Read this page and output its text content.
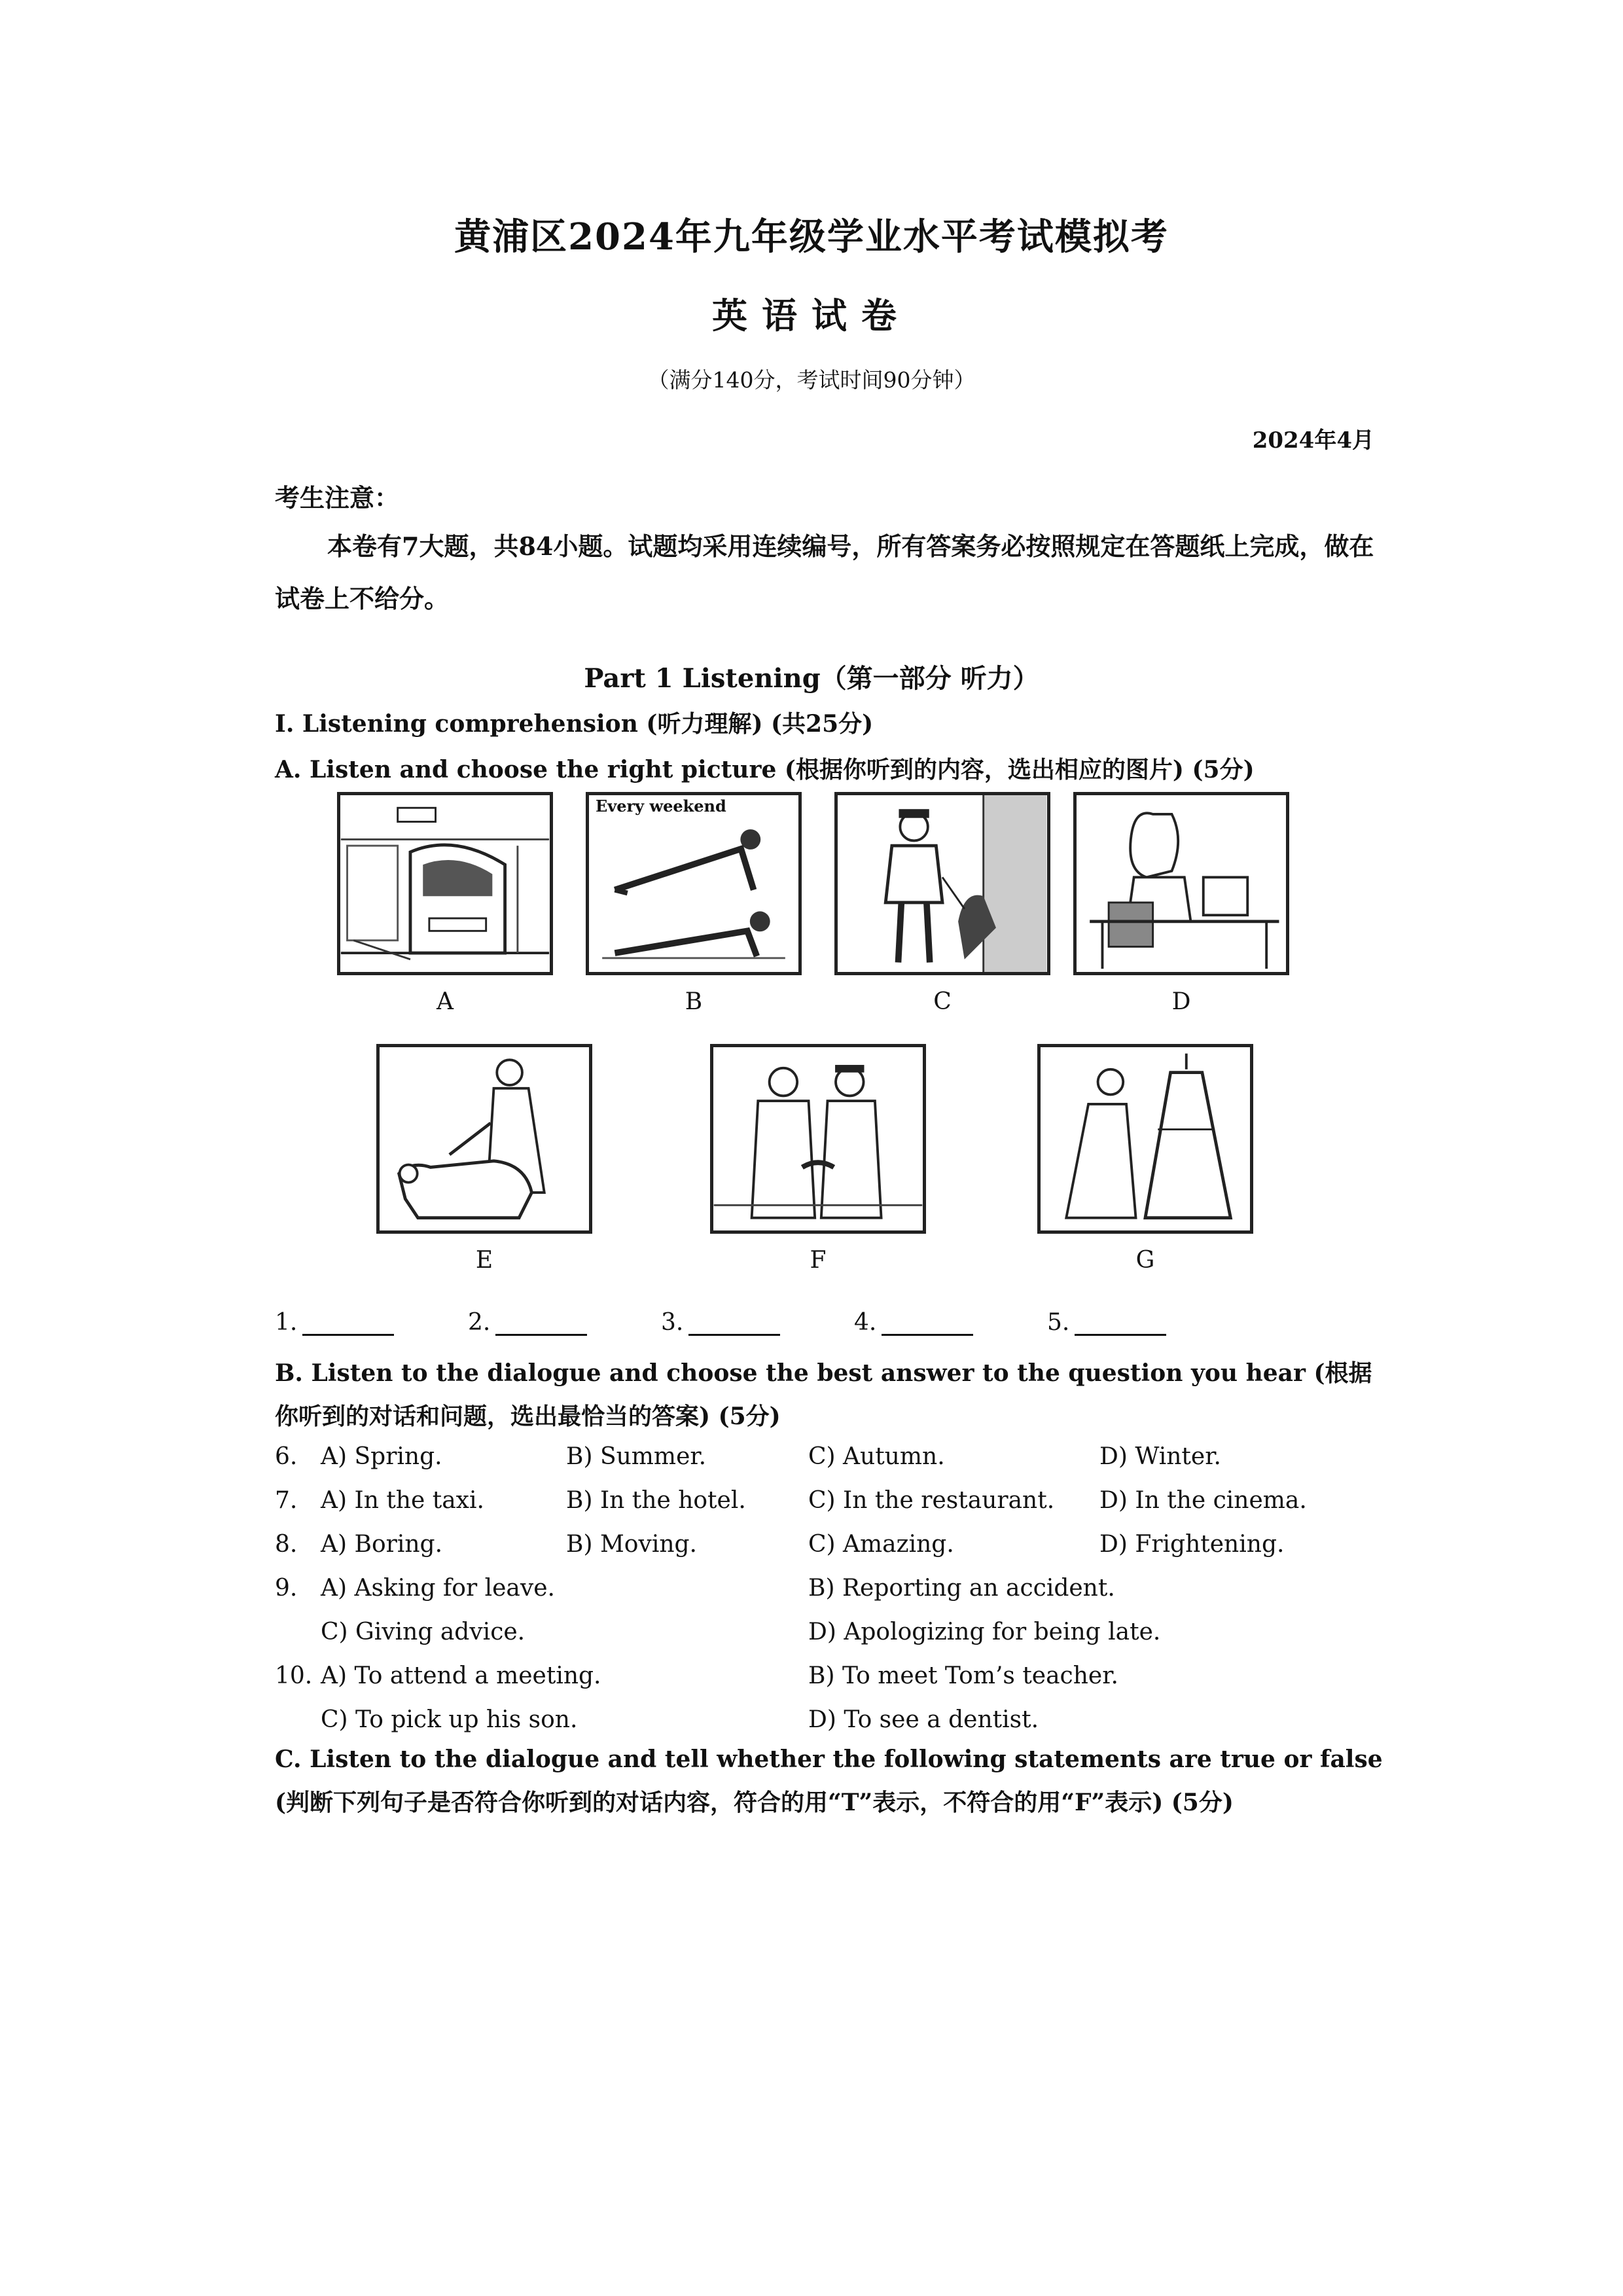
黄浦区2024年九年级学业水平考试模拟考
英语试卷
（满分140分，考试时间90分钟）
2024年4月
考生注意：
本卷有7大题，共84小题。试题均采用连续编号，所有答案务必按照规定在答题纸上完成，做在试卷上不给分。
Part 1 Listening（第一部分 听力）
I. Listening comprehension (听力理解) (共25分)
A. Listen and choose the right picture (根据你听到的内容，选出相应的图片) (5分)
A
Every weekend
B	C	D
E	F	G
1.	2.	3.	4.	5.
B. Listen to the dialogue and choose the best answer to the question you hear (根据你听到的对话和问题，选出最恰当的答案) (5分)
6. A) Spring.	B) Summer.	C) Autumn.	D) Winter.
7. A) In the taxi.	B) In the hotel.	C) In the restaurant. D) In the cinema.
8. A) Boring.	B) Moving.	C) Amazing.	D) Frightening.
9. A) Asking for leave.	B) Reporting an accident.
C) Giving advice.	D) Apologizing for being late.
10. A) To attend a meeting.	B) To meet Tom’s teacher.
C) To pick up his son.	D) To see a dentist.
C. Listen to the dialogue and tell whether the following statements are true or false (判断下列句子是否符合你听到的对话内容，符合的用“T”表示，不符合的用“F”表示) (5分)
